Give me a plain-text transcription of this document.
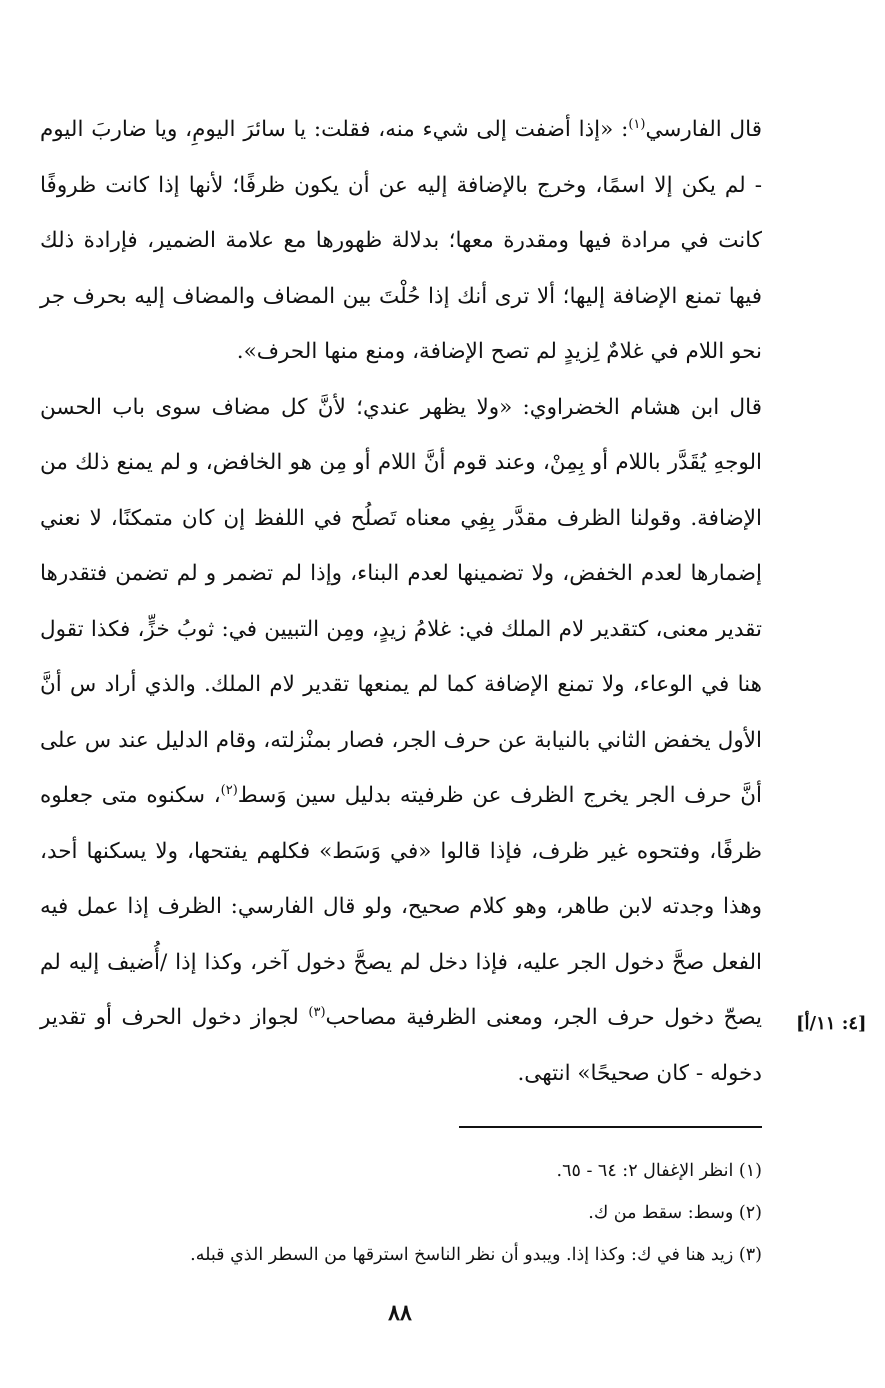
قال الفارسي$^{(١)}$: «إذا أضفت إلى شيء منه، فقلت: يا سائرَ اليومِ، ويا ضاربَ اليوم - لم يكن إلا اسمًا، وخرج بالإضافة إليه عن أن يكون ظرفًا؛ لأنها إذا كانت ظروفًا كانت في مرادة فيها ومقدرة معها؛ بدلالة ظهورها مع علامة الضمير، فإرادة ذلك فيها تمنع الإضافة إليها؛ ألا ترى أنك إذا حُلْتَ بين المضاف والمضاف إليه بحرف جر نحو اللام في غلامٌ لِزيدٍ لم تصح الإضافة، ومنع منها الحرف».

قال ابن هشام الخضراوي: «ولا يظهر عندي؛ لأنَّ كل مضاف سوى باب الحسن الوجهِ يُقَدَّر باللام أو بِمِنْ، وعند قوم أنَّ اللام أو مِن هو الخافض، و لم يمنع ذلك من الإضافة. وقولنا الظرف مقدَّر بِفِي معناه تَصلُح في اللفظ إن كان متمكنًا، لا نعني إضمارها لعدم الخفض، ولا تضمينها لعدم البناء، وإذا لم تضمر و لم تضمن فتقدرها تقدير معنى، كتقدير لام الملك في: غلامُ زيدٍ، ومِن التبيين في: ثوبُ خزٍّ، فكذا تقول هنا في الوعاء، ولا تمنع الإضافة كما لم يمنعها تقدير لام الملك. والذي أراد س أنَّ الأول يخفض الثاني بالنيابة عن حرف الجر، فصار بمنْزلته، وقام الدليل عند س على أنَّ حرف الجر يخرج الظرف عن ظرفيته بدليل سين وَسط$^{(٢)}$، سكنوه متى جعلوه ظرفًا، وفتحوه غير ظرف، فإذا قالوا «في وَسَط» فكلهم يفتحها، ولا يسكنها أحد، وهذا وجدته لابن طاهر، وهو كلام صحيح، ولو قال الفارسي: الظرف إذا عمل فيه الفعل صحَّ دخول الجر عليه، فإذا دخل لم يصحَّ دخول آخر، وكذا إذا /أُضيف إليه لم يصحّ دخول حرف الجر، ومعنى الظرفية مصاحب$^{(٣)}$ لجواز دخول الحرف أو تقدير دخوله - كان صحيحًا» انتهى.

[٤: ١١/أ]

(١) انظر الإغفال ٢: ٦٤ - ٦٥.

(٢) وسط: سقط من ك.

(٣) زيد هنا في ك: وكذا إذا. ويبدو أن نظر الناسخ استرقها من السطر الذي قبله.

٨٨
